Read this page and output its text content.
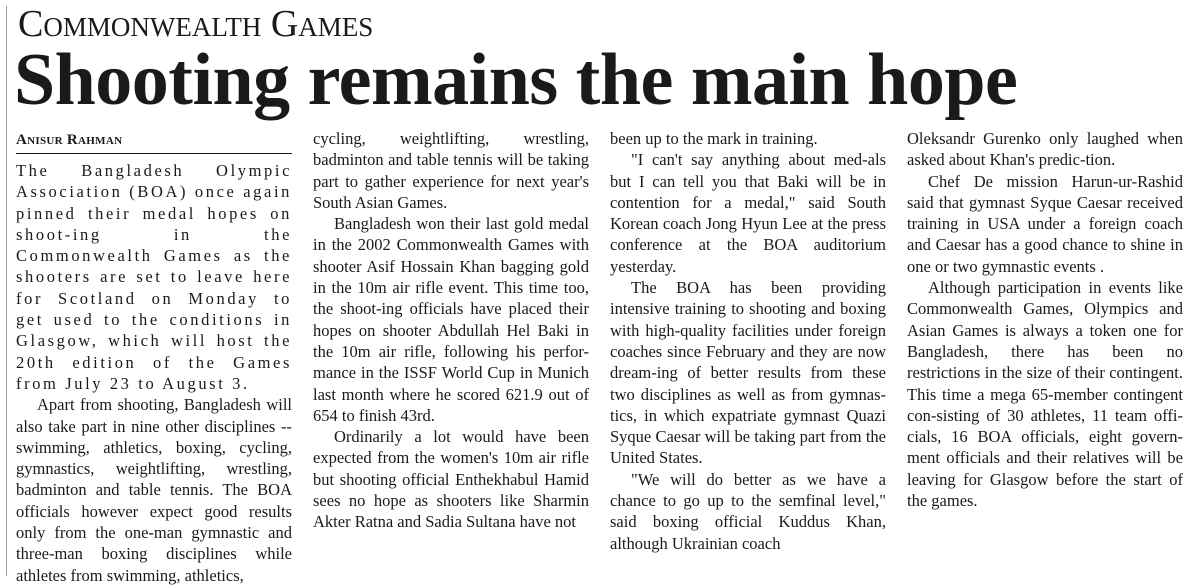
Commonwealth Games
Shooting remains the main hope
Anisur Rahman

The Bangladesh Olympic Association (BOA) once again pinned their medal hopes on shoot-ing in the Commonwealth Games as the shooters are set to leave here for Scotland on Monday to get used to the conditions in Glasgow, which will host the 20th edition of the Games from July 23 to August 3.

Apart from shooting, Bangladesh will also take part in nine other disciplines -- swimming, athletics, boxing, cycling, gymnastics, weightlifting, wrestling, badminton and table tennis. The BOA officials however expect good results only from the one-man gymnastic and three-man boxing disciplines while athletes from swimming, athletics,

cycling, weightlifting, wrestling, badminton and table tennis will be taking part to gather experience for next year's South Asian Games.

Bangladesh won their last gold medal in the 2002 Commonwealth Games with shooter Asif Hossain Khan bagging gold in the 10m air rifle event. This time too, the shoot-ing officials have placed their hopes on shooter Abdullah Hel Baki in the 10m air rifle, following his perfor-mance in the ISSF World Cup in Munich last month where he scored 621.9 out of 654 to finish 43rd.

Ordinarily a lot would have been expected from the women's 10m air rifle but shooting official Enthekhabul Hamid sees no hope as shooters like Sharmin Akter Ratna and Sadia Sultana have not

been up to the mark in training.

"I can't say anything about med-als but I can tell you that Baki will be in contention for a medal," said South Korean coach Jong Hyun Lee at the press conference at the BOA auditorium yesterday.

The BOA has been providing intensive training to shooting and boxing with high-quality facilities under foreign coaches since February and they are now dream-ing of better results from these two disciplines as well as from gymnas-tics, in which expatriate gymnast Quazi Syque Caesar will be taking part from the United States.

"We will do better as we have a chance to go up to the semfinal level," said boxing official Kuddus Khan, although Ukrainian coach

Oleksandr Gurenko only laughed when asked about Khan's predic-tion.

Chef De mission Harun-ur-Rashid said that gymnast Syque Caesar received training in USA under a foreign coach and Caesar has a good chance to shine in one or two gymnastic events .

Although participation in events like Commonwealth Games, Olympics and Asian Games is always a token one for Bangladesh, there has been no restrictions in the size of their contingent. This time a mega 65-member contingent con-sisting of 30 athletes, 11 team offi-cials, 16 BOA officials, eight govern-ment officials and their relatives will be leaving for Glasgow before the start of the games.
